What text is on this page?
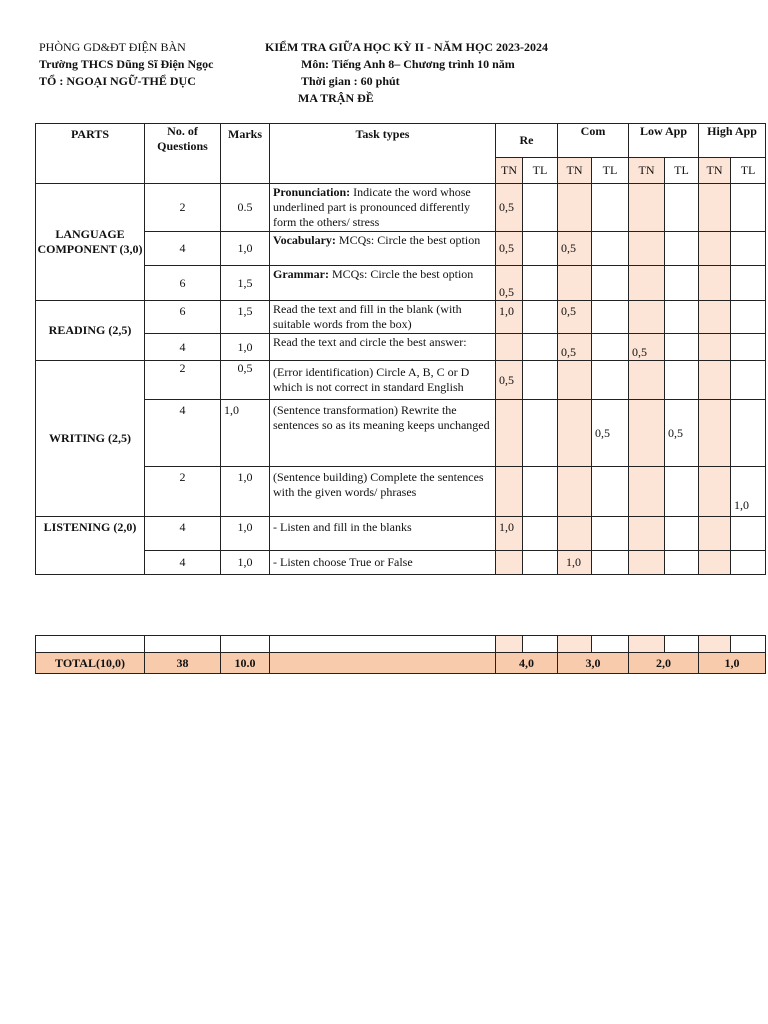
PHÒNG GD&ĐT ĐIỆN BÀN
Trường THCS Dũng Sĩ Điện Ngọc
TỔ : NGOẠI NGỮ-THỂ DỤC
KIỂM TRA GIỮA HỌC KỲ II - NĂM HỌC 2023-2024
Môn: Tiếng Anh 8– Chương trình 10 năm
Thời gian : 60 phút
MA TRẬN ĐỀ
PARTS	No. of Questions	Marks	Task types	Re		Com		Low App		High App	
				TN	TL	TN	TL	TN	TL	TN	TL
LANGUAGE COMPONENT (3,0)	2	0.5	Pronunciation: Indicate the word whose underlined part is pronounced differently form the others/ stress	0,5							
	4	1,0	Vocabulary: MCQs: Circle the best option	0,5		0,5					
	6	1,5	Grammar: MCQs: Circle the best option	0,5							
READING (2,5)	6	1,5	Read the text and fill in the blank (with suitable words from the box)	1,0		0,5					
	4	1,0	Read the text and circle the best answer:			0,5		0,5			
WRITING (2,5)	2	0,5	(Error identification) Circle A, B, C or D which is not correct in standard English	0,5							
	4	1,0	(Sentence transformation) Rewrite the sentences so as its meaning keeps unchanged				0,5		0,5		
	2	1,0	(Sentence building) Complete the sentences with the given words/ phrases								1,0
LISTENING (2,0)	4	1,0	- Listen and fill in the blanks	1,0							
	4	1,0	- Listen choose True or False			1,0					

TOTAL(10,0)	38	10.0		4,0		3,0		2,0		1,0	
